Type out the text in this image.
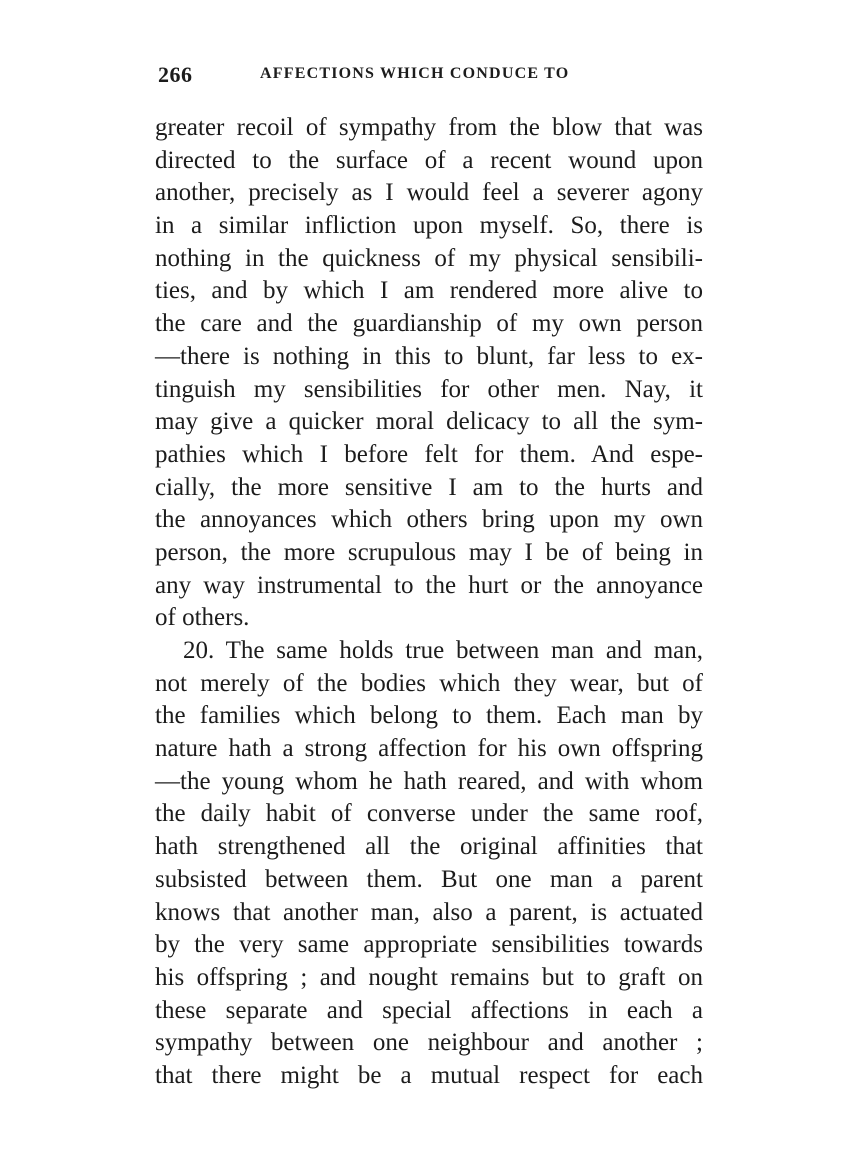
266	AFFECTIONS WHICH CONDUCE TO
greater recoil of sympathy from the blow that was
directed to the surface of a recent wound upon
another, precisely as I would feel a severer agony
in a similar infliction upon myself. So, there is
nothing in the quickness of my physical sensibili-
ties, and by which I am rendered more alive to
the care and the guardianship of my own person
—there is nothing in this to blunt, far less to ex-
tinguish my sensibilities for other men. Nay, it
may give a quicker moral delicacy to all the sym-
pathies which I before felt for them. And espe-
cially, the more sensitive I am to the hurts and
the annoyances which others bring upon my own
person, the more scrupulous may I be of being in
any way instrumental to the hurt or the annoyance
of others.
20. The same holds true between man and man,
not merely of the bodies which they wear, but of
the families which belong to them. Each man by
nature hath a strong affection for his own offspring
—the young whom he hath reared, and with whom
the daily habit of converse under the same roof,
hath strengthened all the original affinities that
subsisted between them. But one man a parent
knows that another man, also a parent, is actuated
by the very same appropriate sensibilities towards
his offspring ; and nought remains but to graft on
these separate and special affections in each a
sympathy between one neighbour and another ;
that there might be a mutual respect for each
